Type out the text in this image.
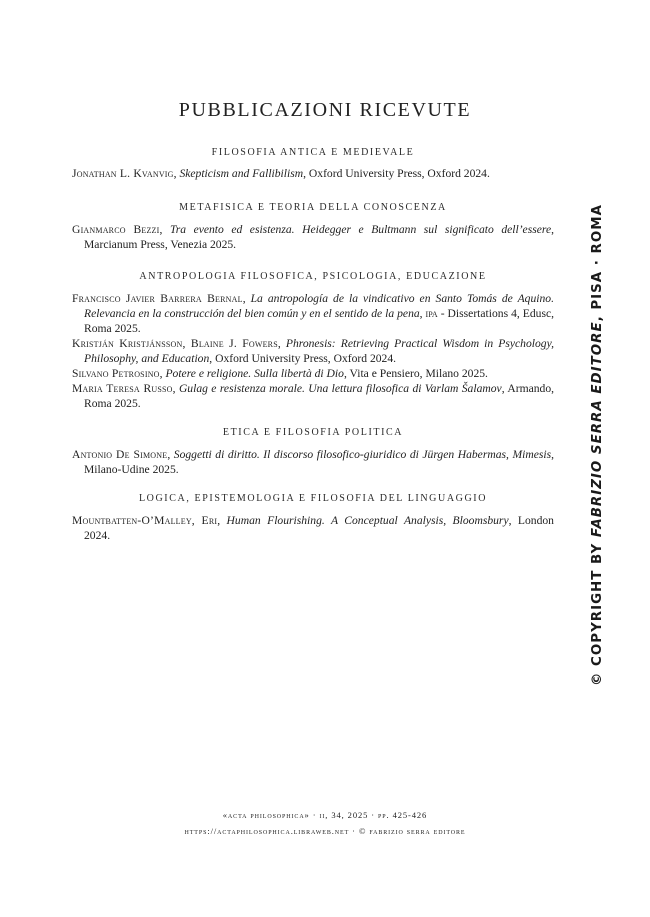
PUBBLICAZIONI RICEVUTE
FILOSOFIA ANTICA E MEDIEVALE
Jonathan L. Kvanvig, Skepticism and Fallibilism, Oxford University Press, Oxford 2024.
METAFISICA E TEORIA DELLA CONOSCENZA
Gianmarco Bezzi, Tra evento ed esistenza. Heidegger e Bultmann sul significato dell’essere, Marcianum Press, Venezia 2025.
ANTROPOLOGIA FILOSOFICA, PSICOLOGIA, EDUCAZIONE
Francisco Javier Barrera Bernal, La antropología de la vindicativo en Santo Tomás de Aquino. Relevancia en la construcción del bien común y en el sentido de la pena, ipa - Dissertations 4, Edusc, Roma 2025.
Kristján Kristjánsson, Blaine J. Fowers, Phronesis: Retrieving Practical Wisdom in Psychology, Philosophy, and Education, Oxford University Press, Oxford 2024.
Silvano Petrosino, Potere e religione. Sulla libertà di Dio, Vita e Pensiero, Milano 2025.
Maria Teresa Russo, Gulag e resistenza morale. Una lettura filosofica di Varlam Šalamov, Armando, Roma 2025.
ETICA E FILOSOFIA POLITICA
Antonio De Simone, Soggetti di diritto. Il discorso filosofico-giuridico di Jürgen Habermas, Mimesis, Milano-Udine 2025.
LOGICA, EPISTEMOLOGIA E FILOSOFIA DEL LINGUAGGIO
Mountbatten-O’Malley, Eri, Human Flourishing. A Conceptual Analysis, Bloomsbury, London 2024.
© COPYRIGHT BY FABRIZIO SERRA EDITORE, PISA · ROMA
«acta philosophica» · ii, 34, 2025 · pp. 425-426
https://actaphilosophica.libraweb.net · © fabrizio serra editore
